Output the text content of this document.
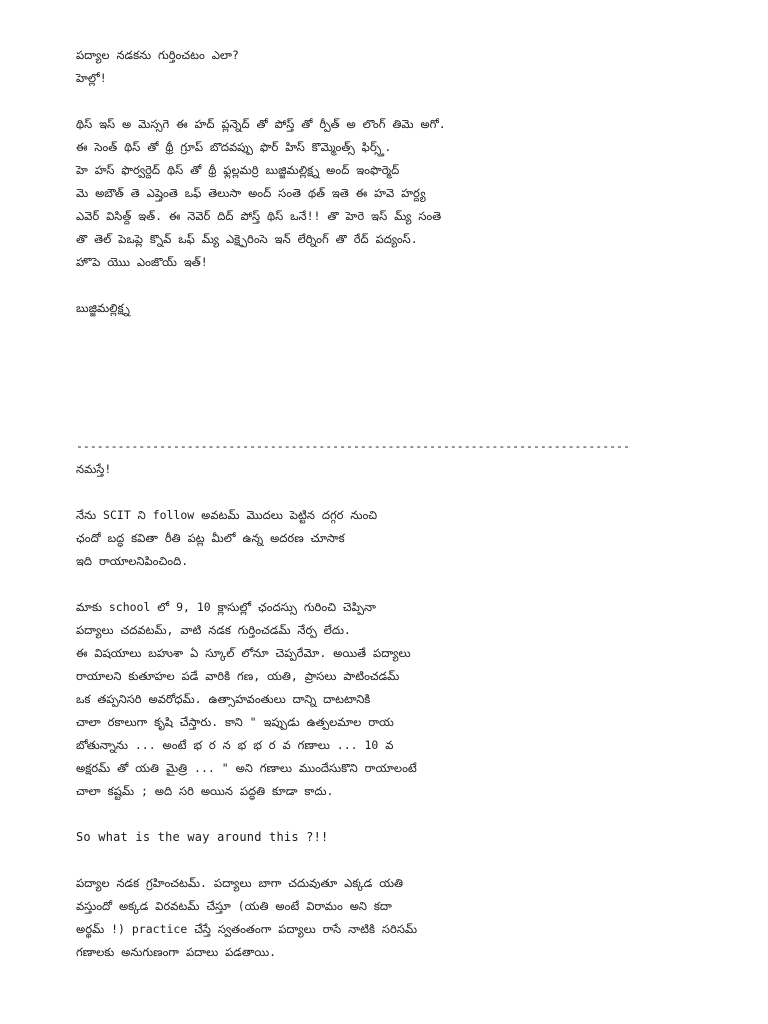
పద్యాల నడకను గుర్తించటం ఎలా?
హెల్లో!
థిస్ ఇస్ అ మెస్సగె ఈ హద్ ప్లన్నెద్ తో పోస్త్ తో ర్పీత్ అ లొంగ్ తిమె అగో.
ఈ సెంత్ థిస్ తో థ్రీ గ్రూప్ బొదవప్పు ఫొర్ హిస్ కొమ్మెంత్స్ ఫిర్స్త్.
హె హస్ ఫొర్వర్దెద్ థిస్ తో థ్రీ ఫ్లల్లమర్రి బుజ్జిమల్లిక్ష్న అంద్ ఇంఫొర్మెద్
మె అబౌత్ తె ఎష్తెంతె ఒఫ్ తెలుసా అంద్ సంతె థత్ ఇతె ఈ హవె హర్ద్య
ఎవెర్ విసిత్ద్ ఇత్. ఈ నెవెర్ దిద్ పోస్త్ థిస్ ఒనే!! తొ హెరె ఇస్ మ్య్ సంతె
తొ తెల్ పెఒప్లె క్నొవ్ ఒఫ్ మ్య్ ఎక్ష్పెరింసె ఇన్ లేర్నింగ్ తొ రేద్ పద్యంస్.
హొపె యొు ఎంజొయ్ ఇత్!
బుజ్జిమల్లిక్ష్న
--------------------------------------------------------------------------------
నమస్తే!
నేను SCIT ని follow అవటమ్ మొదలు పెట్టిన దగ్గర నుంచి
ఛందో బద్ధ కవితా రీతి పట్ల మీలో ఉన్న అదరణ చూసాక
ఇది రాయాలనిపించింది.
మాకు school లో 9, 10 క్లాసుల్లో ఛందస్సు గురించి చెప్పినా
పద్యాలు చదవటమ్, వాటి నడక గుర్తించడమ్ నేర్ప లేదు.
ఈ విషయాలు బహుశా ఏ స్కూల్ లోనూ చెప్పరేమో. అయితే పద్యాలు
రాయాలని కుతూహల పడే వారికి గణ, యతి, ప్రాసలు పాటించడమ్
ఒక తప్పనిసరి అవరోధమ్. ఉత్సాహవంతులు దాన్ని దాటటానికి
చాలా రకాలుగా కృషి చేస్తారు. కాని " ఇప్పుడు ఉత్పలమాల రాయ
బోతున్నాను ... అంటే భ ర న భ భ ర వ గణాలు ... 10 వ
అక్షరమ్ తో యతి మైత్రి ... " అని గణాలు ముందేసుకొని రాయాలంటే
చాలా కష్టమ్ ; అది సరి అయిన పద్ధతి కూడా కాదు.
So what is the way around this ?!!
పద్యాల నడక గ్రహించటమ్. పద్యాలు బాగా చదువుతూ ఎక్కడ యతి
వస్తుందో అక్కడ విరవటమ్ చేస్తూ (యతి అంటే విరామం అని కదా
అర్థమ్ !) practice చేస్తే స్వతంతంగా పద్యాలు రాసే నాటికి సరిసమ్
గణాలకు అనుగుణంగా పదాలు పడతాయి.
